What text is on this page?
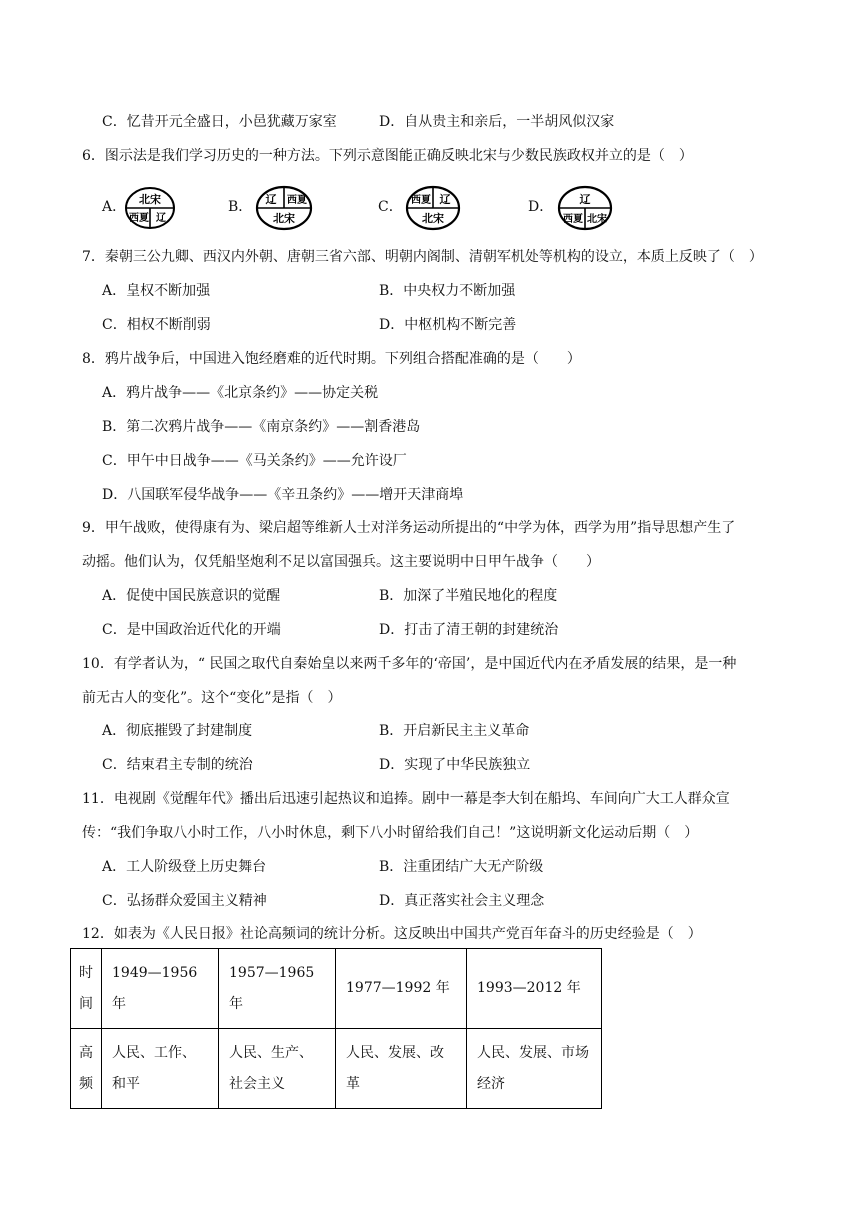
C．忆昔开元全盛日，小邑犹藏万家室	D．自从贵主和亲后，一半胡风似汉家
6．图示法是我们学习历史的一种方法。下列示意图能正确反映北宋与少数民族政权并立的是（　）
A． 北宋
西夏 辽
B． 辽 西夏
北宋
C． 西夏 辽
北宋
D． 辽
西夏 北宋
7．秦朝三公九卿、西汉内外朝、唐朝三省六部、明朝内阁制、清朝军机处等机构的设立，本质上反映了（　）
A．皇权不断加强	B．中央权力不断加强
C．相权不断削弱	D．中枢机构不断完善
8．鸦片战争后，中国进入饱经磨难的近代时期。下列组合搭配准确的是（　　）
A．鸦片战争——《北京条约》——协定关税
B．第二次鸦片战争——《南京条约》——割香港岛
C．甲午中日战争——《马关条约》——允许设厂
D．八国联军侵华战争——《辛丑条约》——增开天津商埠
9．甲午战败，使得康有为、梁启超等维新人士对洋务运动所提出的“中学为体，西学为用”指导思想产生了
动摇。他们认为，仅凭船坚炮利不足以富国强兵。这主要说明中日甲午战争（　　）
A．促使中国民族意识的觉醒	B．加深了半殖民地化的程度
C．是中国政治近代化的开端	D．打击了清王朝的封建统治
10．有学者认为，“ 民国之取代自秦始皇以来两千多年的‘帝国’，是中国近代内在矛盾发展的结果，是一种
前无古人的变化”。这个“变化”是指（　）
A．彻底摧毁了封建制度	B．开启新民主主义革命
C．结束君主专制的统治	D．实现了中华民族独立
11．电视剧《觉醒年代》播出后迅速引起热议和追捧。剧中一幕是李大钊在船坞、车间向广大工人群众宣
传：“我们争取八小时工作，八小时休息，剩下八小时留给我们自己！”这说明新文化运动后期（　）
A．工人阶级登上历史舞台	B．注重团结广大无产阶级
C．弘扬群众爱国主义精神	D．真正落实社会主义理念
12．如表为《人民日报》社论高频词的统计分析。这反映出中国共产党百年奋斗的历史经验是（　）
时间	1949—1956 年	1957—1965 年	1977—1992 年	1993—2012 年
高频	人民、工作、和平	人民、生产、社会主义	人民、发展、改革	人民、发展、市场经济
